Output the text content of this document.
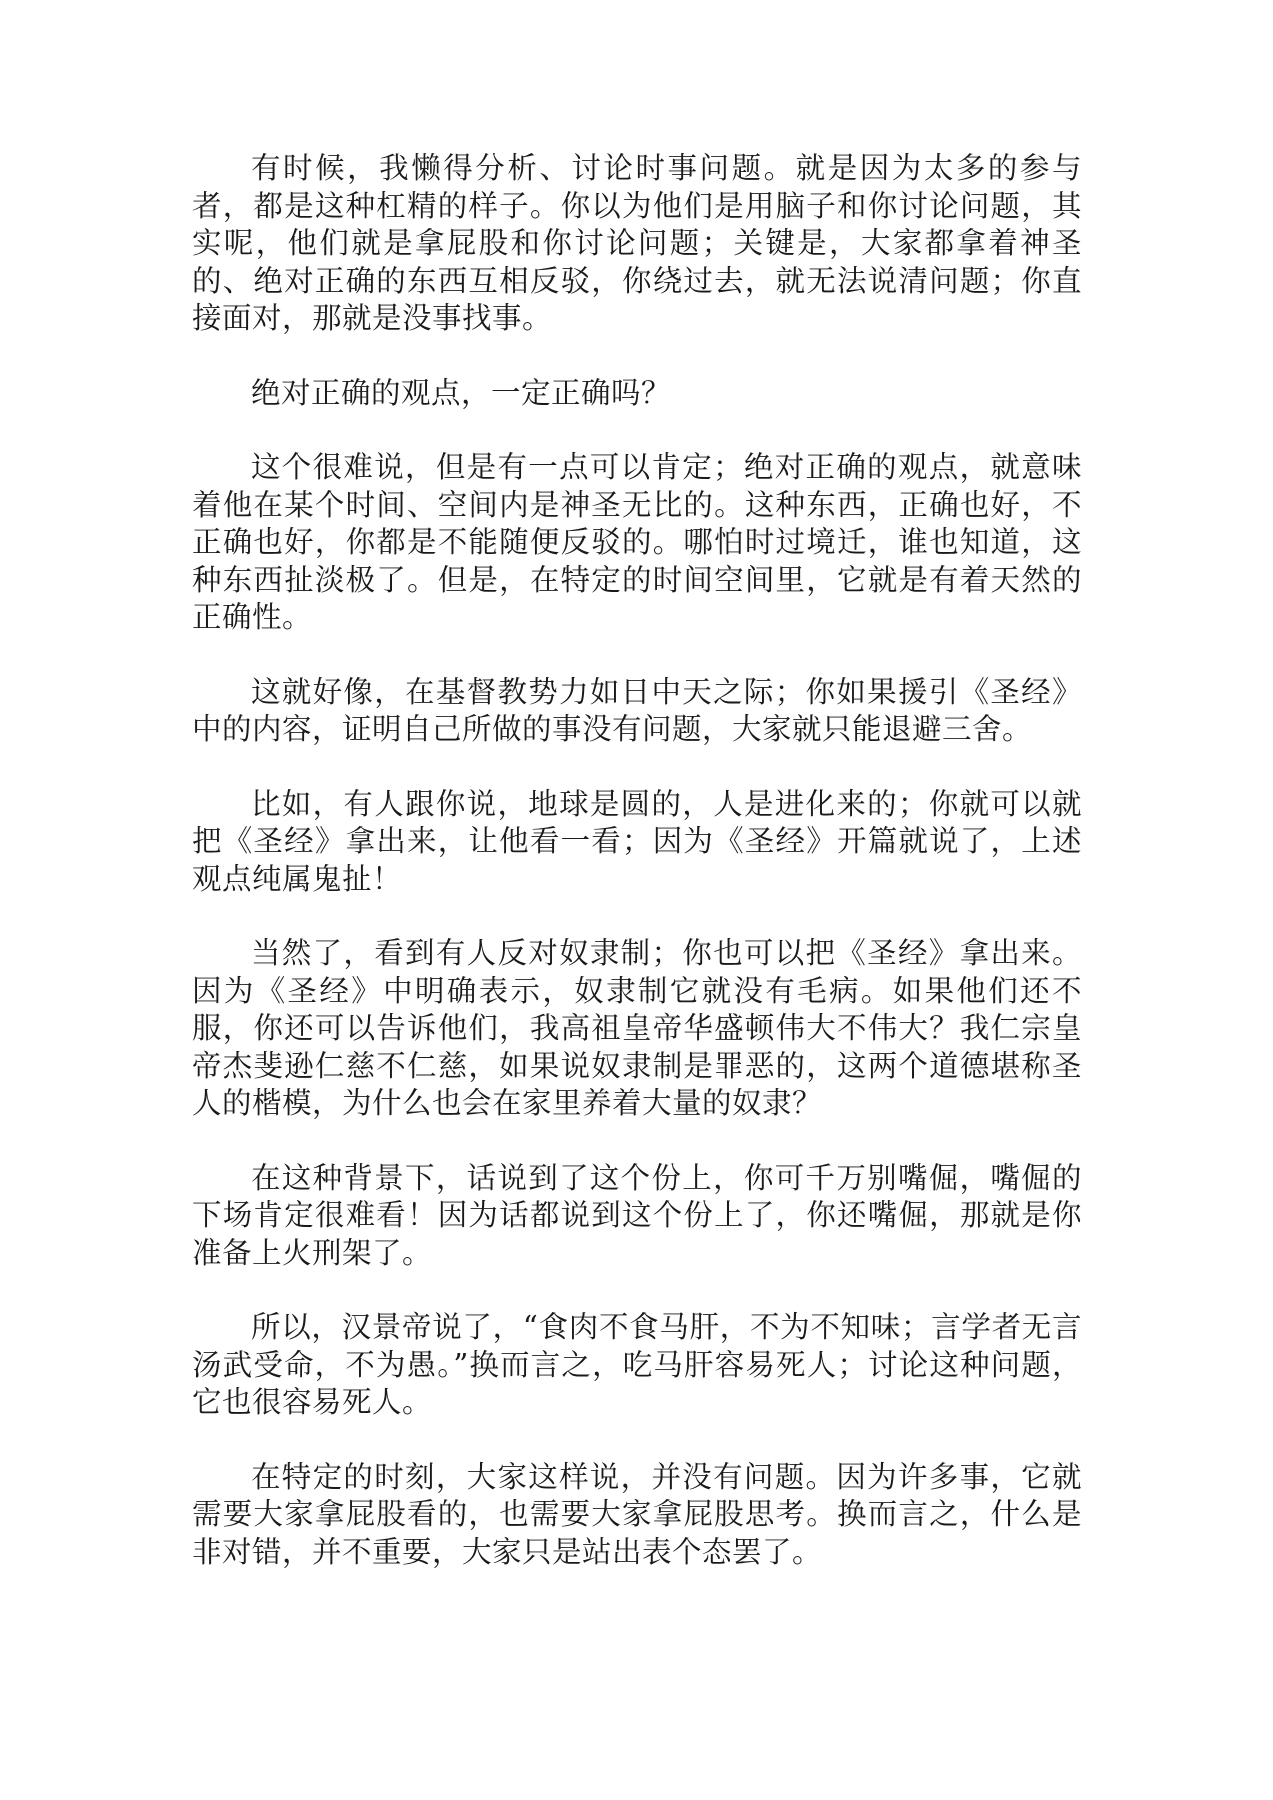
有时候，我懒得分析、讨论时事问题。就是因为太多的参与者，都是这种杠精的样子。你以为他们是用脑子和你讨论问题，其实呢，他们就是拿屁股和你讨论问题；关键是，大家都拿着神圣的、绝对正确的东西互相反驳，你绕过去，就无法说清问题；你直接面对，那就是没事找事。

绝对正确的观点，一定正确吗？

这个很难说，但是有一点可以肯定；绝对正确的观点，就意味着他在某个时间、空间内是神圣无比的。这种东西，正确也好，不正确也好，你都是不能随便反驳的。哪怕时过境迁，谁也知道，这种东西扯淡极了。但是，在特定的时间空间里，它就是有着天然的正确性。

这就好像，在基督教势力如日中天之际；你如果援引《圣经》中的内容，证明自己所做的事没有问题，大家就只能退避三舍。

比如，有人跟你说，地球是圆的，人是进化来的；你就可以就把《圣经》拿出来，让他看一看；因为《圣经》开篇就说了，上述观点纯属鬼扯！

当然了，看到有人反对奴隶制；你也可以把《圣经》拿出来。因为《圣经》中明确表示，奴隶制它就没有毛病。如果他们还不服，你还可以告诉他们，我高祖皇帝华盛顿伟大不伟大？我仁宗皇帝杰斐逊仁慈不仁慈，如果说奴隶制是罪恶的，这两个道德堪称圣人的楷模，为什么也会在家里养着大量的奴隶？

在这种背景下，话说到了这个份上，你可千万别嘴倔，嘴倔的下场肯定很难看！因为话都说到这个份上了，你还嘴倔，那就是你准备上火刑架了。

所以，汉景帝说了，“食肉不食马肝，不为不知味；言学者无言汤武受命，不为愚。”换而言之，吃马肝容易死人；讨论这种问题，它也很容易死人。

在特定的时刻，大家这样说，并没有问题。因为许多事，它就需要大家拿屁股看的，也需要大家拿屁股思考。换而言之，什么是非对错，并不重要，大家只是站出表个态罢了。
